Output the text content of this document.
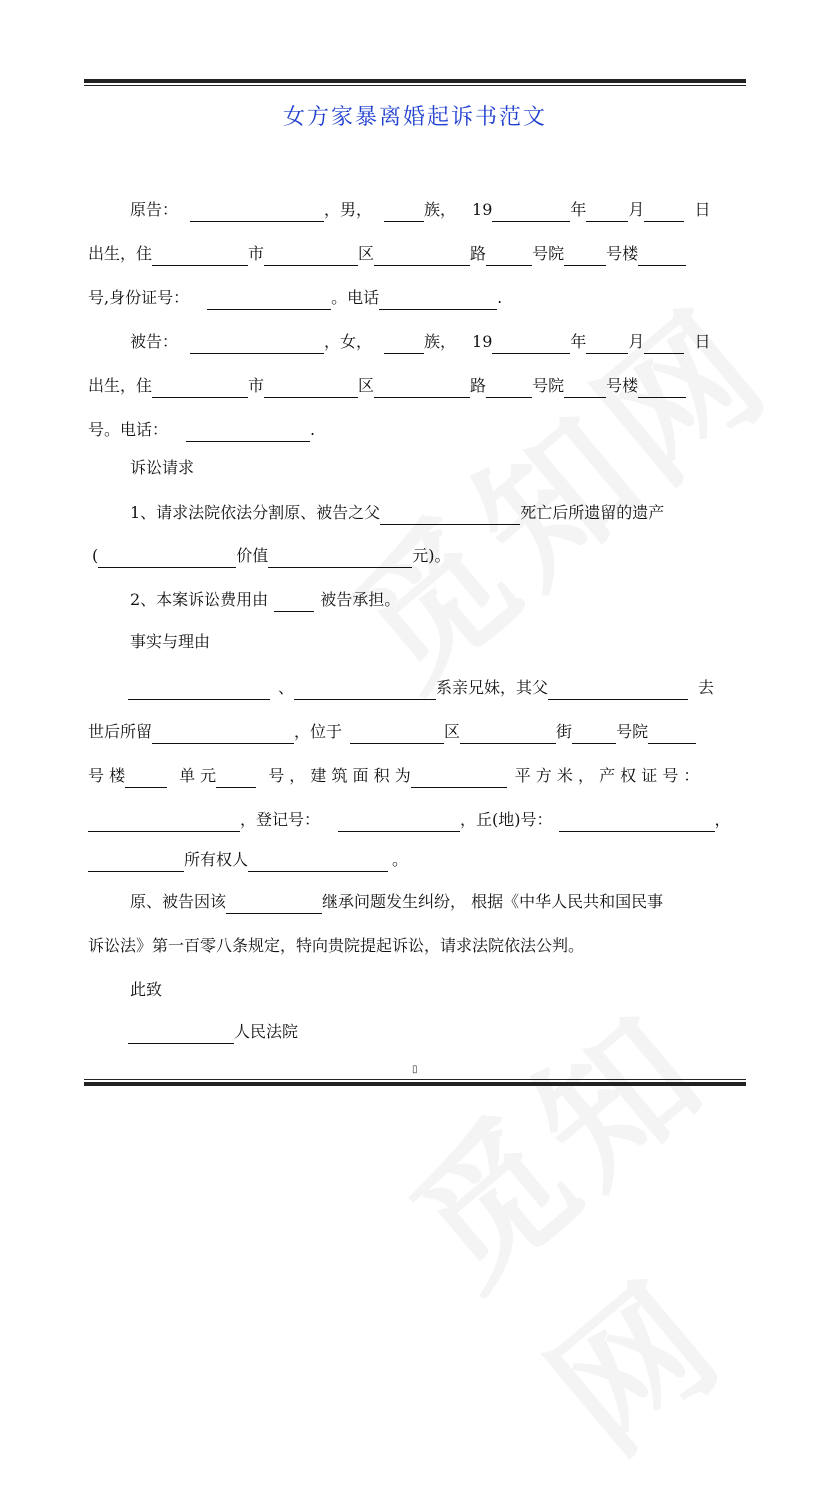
女方家暴离婚起诉书范文
原告：	，男，	族， 19	年	月	日
出生，住	市	区	路	号院	号楼
号,身份证号：	。电话	.
被告：	，女，	族， 19	年	月	日
出生，住	市	区	路	号院	号楼
号。电话：	.
诉讼请求
1、请求法院依法分割原、被告之父	死亡后所遗留的遗产
(	价值	元)。
2、本案诉讼费用由	被告承担。
事实与理由
、	系亲兄妹，其父	去
世后所留	，位于	区	街	号院
号 楼	单 元	号 ， 建 筑 面 积 为	平 方 米 ， 产 权 证 号 ：
，登记号：	，丘(地)号：	，
所有权人	。
原、被告因该	继承问题发生纠纷， 根据《中华人民共和国民事
诉讼法》第一百零八条规定，特向贵院提起诉讼，请求法院依法公判。
此致
人民法院
▯
